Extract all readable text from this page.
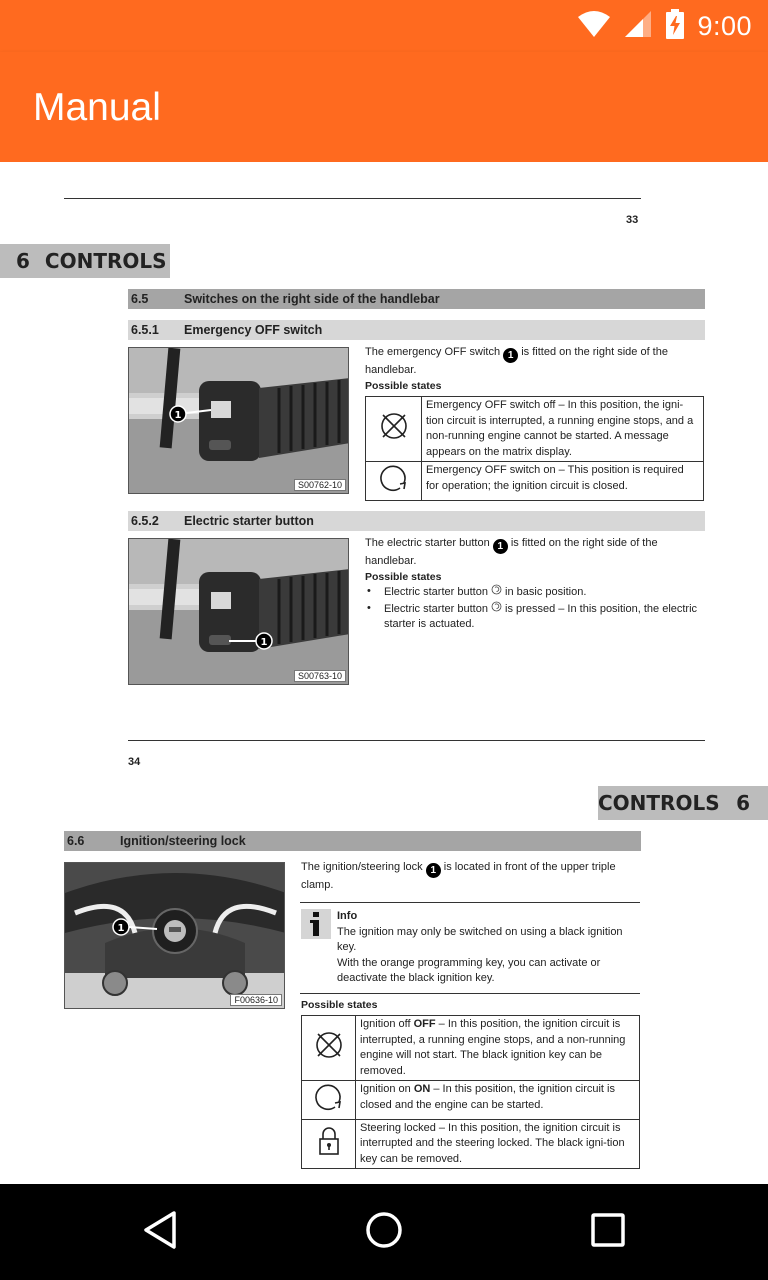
9:00
Manual
33
6 CONTROLS
6.5	Switches on the right side of the handlebar
6.5.1	Emergency OFF switch
1
S00762-10
The emergency OFF switch 1 is fitted on the right side of the handlebar.
Possible states
	Emergency OFF switch off – In this position, the igni-tion circuit is interrupted, a running engine stops, and a non-running engine cannot be started. A message appears on the matrix display.
	Emergency OFF switch on – This position is required for operation; the ignition circuit is closed.
6.5.2	Electric starter button
1
S00763-10
The electric starter button 1 is fitted on the right side of the handlebar.
Possible states
• Electric starter button  in basic position.
• Electric starter button  is pressed – In this position, the electric starter is actuated.
34
CONTROLS 6
6.6	Ignition/steering lock
1
F00636-10
The ignition/steering lock 1 is located in front of the upper triple clamp.
Info
The ignition may only be switched on using a black ignition key.
With the orange programming key, you can activate or deactivate the black ignition key.
Possible states
	Ignition off OFF – In this position, the ignition circuit is interrupted, a running engine stops, and a non-running engine will not start. The black ignition key can be removed.
	Ignition on ON – In this position, the ignition circuit is closed and the engine can be started.
	Steering locked – In this position, the ignition circuit is interrupted and the steering locked. The black igni-tion key can be removed.
